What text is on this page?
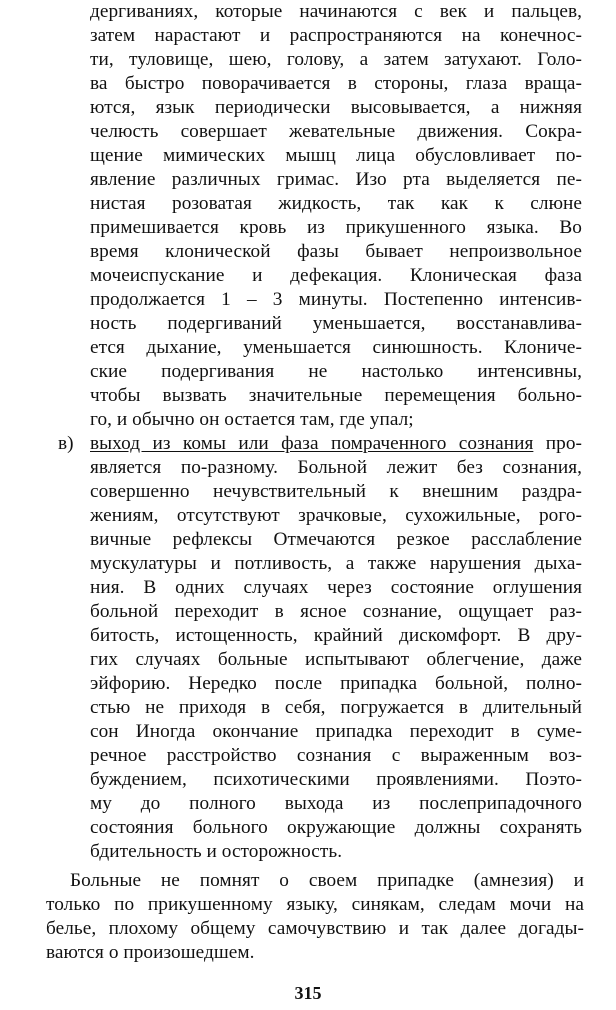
дергиваниях, которые начинаются с век и пальцев,
затем нарастают и распространяются на конечнос-
ти, туловище, шею, голову, а затем затухают. Голо-
ва быстро поворачивается в стороны, глаза враща-
ются, язык периодически высовывается, а нижняя
челюсть совершает жевательные движения. Сокра-
щение мимических мышц лица обусловливает по-
явление различных гримас. Изо рта выделяется пе-
нистая розоватая жидкость, так как к слюне
примешивается кровь из прикушенного языка. Во
время клонической фазы бывает непроизвольное
мочеиспускание и дефекация. Клоническая фаза
продолжается 1 – 3 минуты. Постепенно интенсив-
ность подергиваний уменьшается, восстанавлива-
ется дыхание, уменьшается синюшность. Клониче-
ские подергивания не настолько интенсивны,
чтобы вызвать значительные перемещения больно-
го, и обычно он остается там, где упал;
в) выход из комы или фаза помраченного сознания про-
является по-разному. Больной лежит без сознания,
совершенно нечувствительный к внешним раздра-
жениям, отсутствуют зрачковые, сухожильные, рого-
вичные рефлексы Отмечаются резкое расслабление
мускулатуры и потливость, а также нарушения дыха-
ния. В одних случаях через состояние оглушения
больной переходит в ясное сознание, ощущает раз-
битость, истощенность, крайний дискомфорт. В дру-
гих случаях больные испытывают облегчение, даже
эйфорию. Нередко после припадка больной, полно-
стью не приходя в себя, погружается в длительный
сон Иногда окончание припадка переходит в суме-
речное расстройство сознания с выраженным воз-
буждением, психотическими проявлениями. Поэто-
му до полного выхода из послеприпадочного
состояния больного окружающие должны сохранять
бдительность и осторожность.
Больные не помнят о своем припадке (амнезия) и
только по прикушенному языку, синякам, следам мочи на
белье, плохому общему самочувствию и так далее догады-
ваются о произошедшем.
315
